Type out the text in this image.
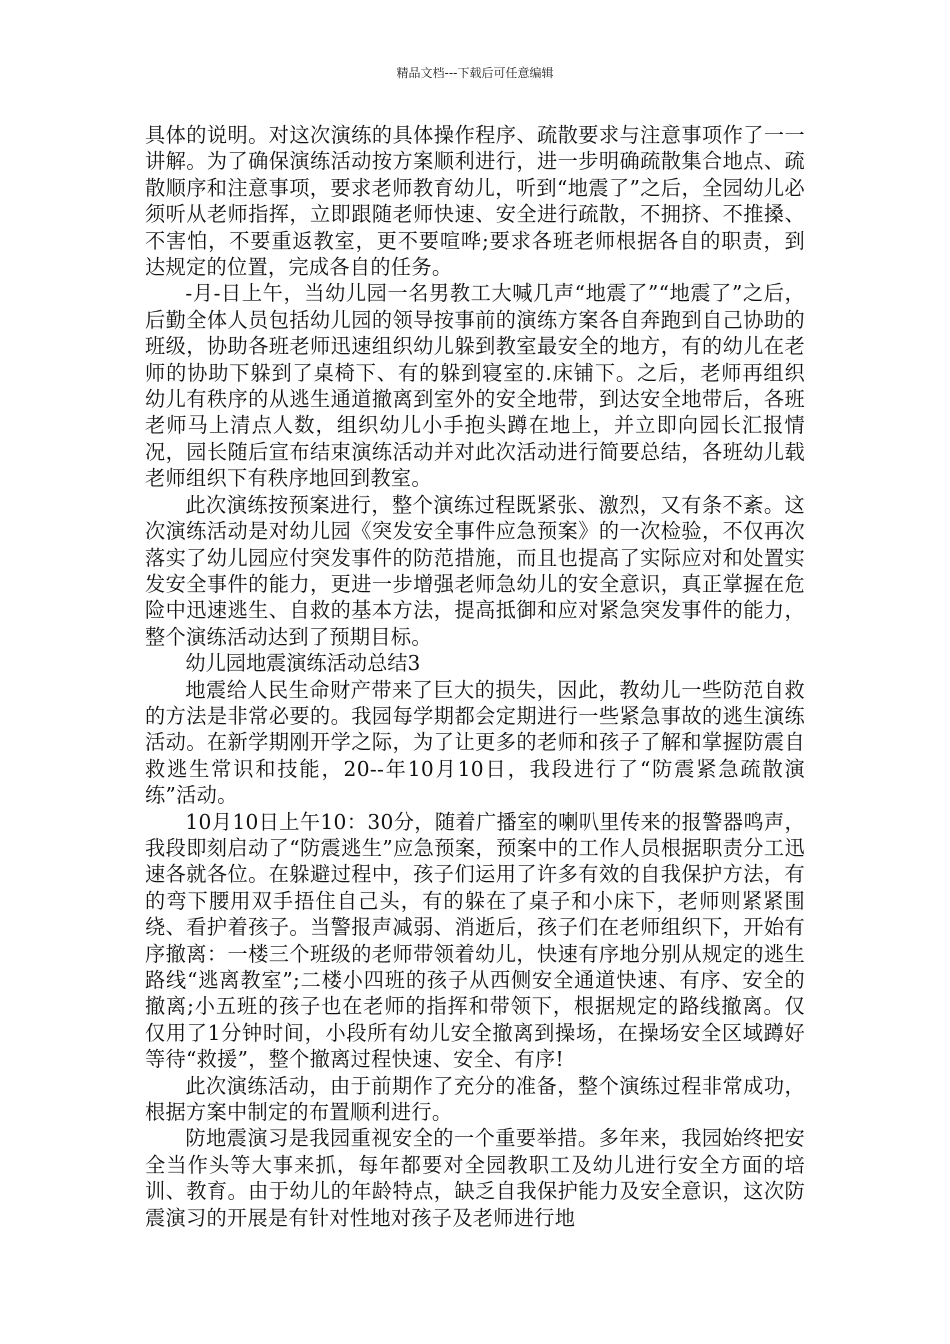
精品文档---下载后可任意编辑

具体的说明。对这次演练的具体操作程序、疏散要求与注意事项作了一一讲解。为了确保演练活动按方案顺利进行，进一步明确疏散集合地点、疏散顺序和注意事项，要求老师教育幼儿，听到“地震了”之后，全园幼儿必须听从老师指挥，立即跟随老师快速、安全进行疏散，不拥挤、不推搡、不害怕，不要重返教室，更不要喧哗;要求各班老师根据各自的职责，到达规定的位置，完成各自的任务。

-月-日上午，当幼儿园一名男教工大喊几声“地震了”“地震了”之后，后勤全体人员包括幼儿园的领导按事前的演练方案各自奔跑到自己协助的班级，协助各班老师迅速组织幼儿躲到教室最安全的地方，有的幼儿在老师的协助下躲到了桌椅下、有的躲到寝室的.床铺下。之后，老师再组织幼儿有秩序的从逃生通道撤离到室外的安全地带，到达安全地带后，各班老师马上清点人数，组织幼儿小手抱头蹲在地上，并立即向园长汇报情况，园长随后宣布结束演练活动并对此次活动进行简要总结，各班幼儿载老师组织下有秩序地回到教室。

此次演练按预案进行，整个演练过程既紧张、激烈，又有条不紊。这次演练活动是对幼儿园《突发安全事件应急预案》的一次检验，不仅再次落实了幼儿园应付突发事件的防范措施，而且也提高了实际应对和处置实发安全事件的能力，更进一步增强老师急幼儿的安全意识，真正掌握在危险中迅速逃生、自救的基本方法，提高抵御和应对紧急突发事件的能力，整个演练活动达到了预期目标。

幼儿园地震演练活动总结3

地震给人民生命财产带来了巨大的损失，因此，教幼儿一些防范自救的方法是非常必要的。我园每学期都会定期进行一些紧急事故的逃生演练活动。在新学期刚开学之际，为了让更多的老师和孩子了解和掌握防震自救逃生常识和技能，20--年10月10日，我段进行了“防震紧急疏散演练”活动。

10月10日上午10：30分，随着广播室的喇叭里传来的报警器鸣声，我段即刻启动了“防震逃生”应急预案，预案中的工作人员根据职责分工迅速各就各位。在躲避过程中，孩子们运用了许多有效的自我保护方法，有的弯下腰用双手捂住自己头，有的躲在了桌子和小床下，老师则紧紧围绕、看护着孩子。当警报声减弱、消逝后，孩子们在老师组织下，开始有序撤离：一楼三个班级的老师带领着幼儿，快速有序地分别从规定的逃生路线“逃离教室”;二楼小四班的孩子从西侧安全通道快速、有序、安全的撤离;小五班的孩子也在老师的指挥和带领下，根据规定的路线撤离。仅仅用了1分钟时间，小段所有幼儿安全撤离到操场，在操场安全区域蹲好等待“救援”，整个撤离过程快速、安全、有序!

此次演练活动，由于前期作了充分的准备，整个演练过程非常成功，根据方案中制定的布置顺利进行。

防地震演习是我园重视安全的一个重要举措。多年来，我园始终把安全当作头等大事来抓，每年都要对全园教职工及幼儿进行安全方面的培训、教育。由于幼儿的年龄特点，缺乏自我保护能力及安全意识，这次防震演习的开展是有针对性地对孩子及老师进行地
